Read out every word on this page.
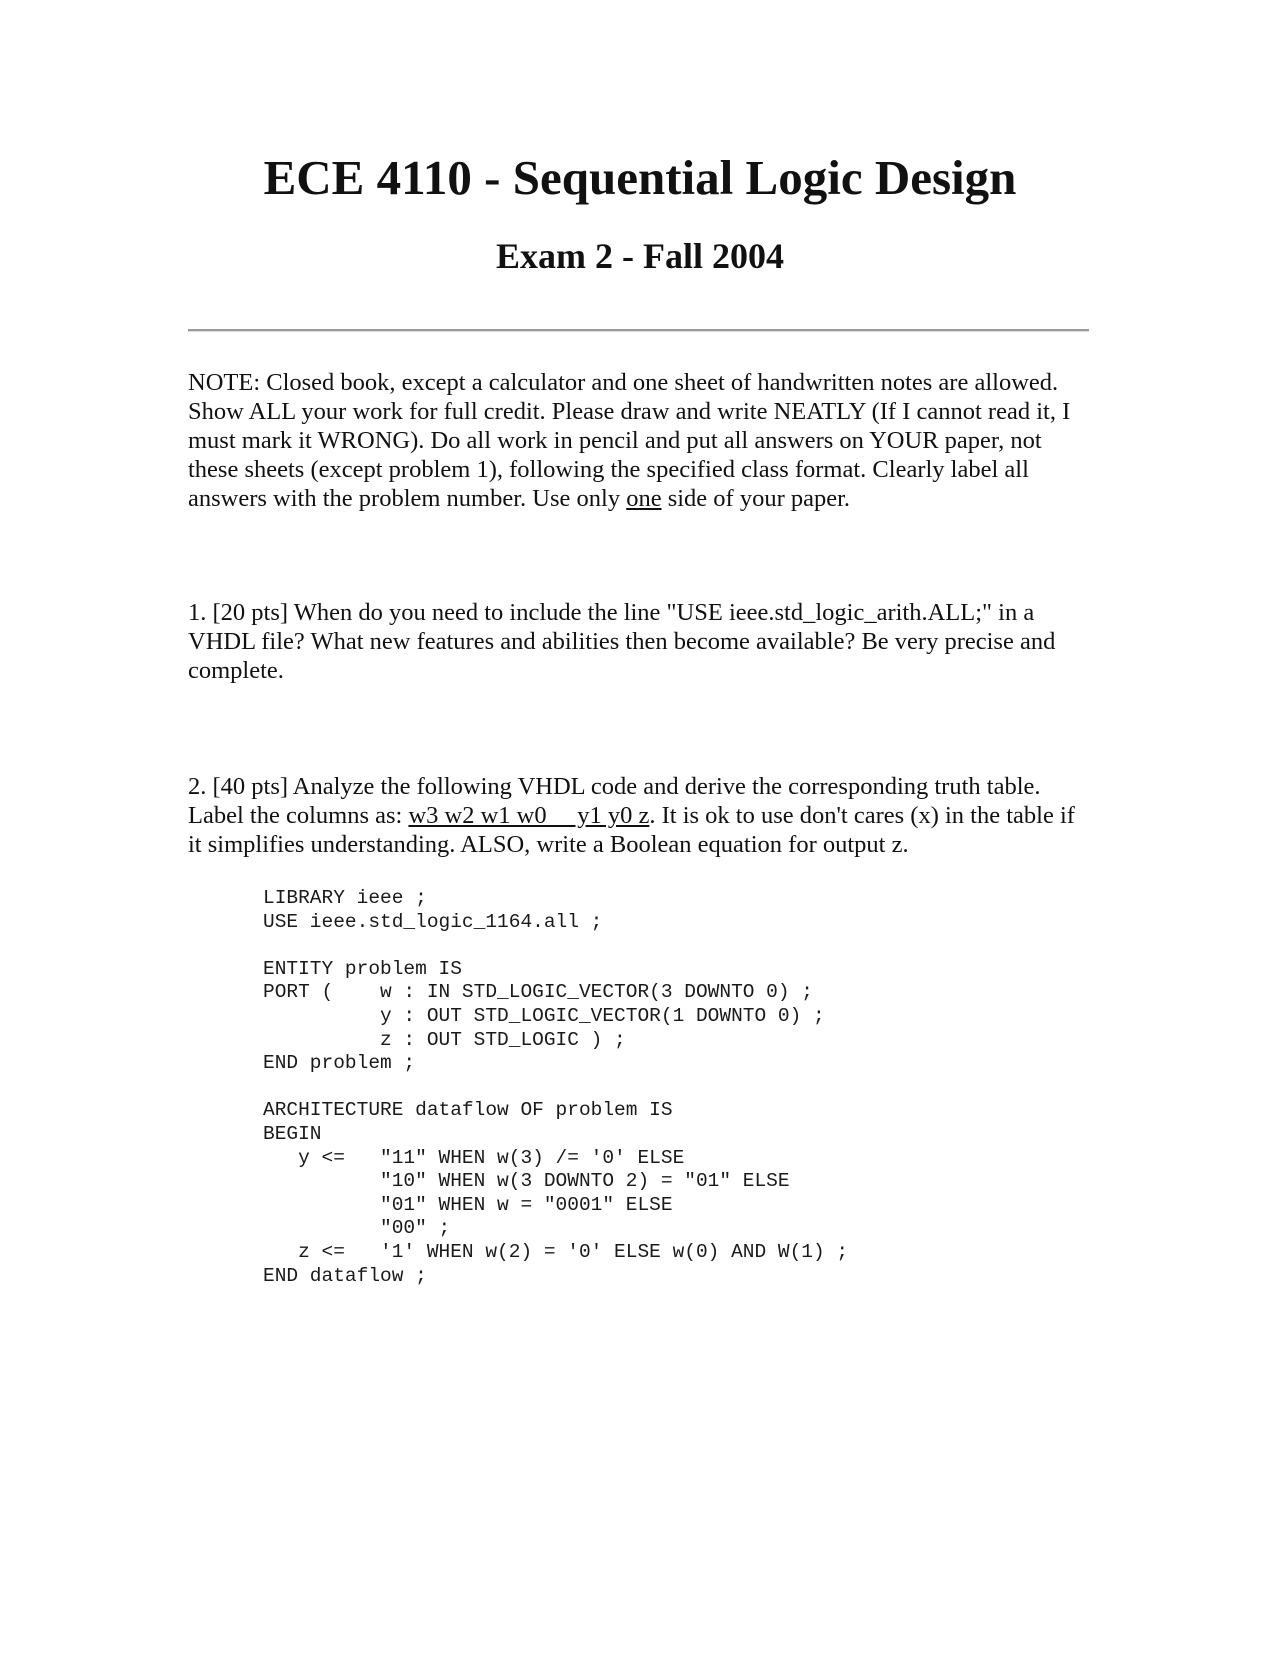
ECE 4110 - Sequential Logic Design
Exam 2 - Fall 2004

NOTE: Closed book, except a calculator and one sheet of handwritten notes are allowed. Show ALL your work for full credit. Please draw and write NEATLY (If I cannot read it, I must mark it WRONG). Do all work in pencil and put all answers on YOUR paper, not these sheets (except problem 1), following the specified class format. Clearly label all answers with the problem number. Use only one side of your paper.

1. [20 pts] When do you need to include the line "USE ieee.std_logic_arith.ALL;" in a VHDL file? What new features and abilities then become available? Be very precise and complete.

2. [40 pts] Analyze the following VHDL code and derive the corresponding truth table. Label the columns as: w3 w2 w1 w0     y1 y0 z. It is ok to use don't cares (x) in the table if it simplifies understanding. ALSO, write a Boolean equation for output z.

LIBRARY ieee ;
USE ieee.std_logic_1164.all ;
ENTITY problem IS
PORT (    w : IN STD_LOGIC_VECTOR(3 DOWNTO 0) ;
y : OUT STD_LOGIC_VECTOR(1 DOWNTO 0) ;
z : OUT STD_LOGIC ) ;
END problem ;
ARCHITECTURE dataflow OF problem IS
BEGIN
y <=   "11" WHEN w(3) /= '0' ELSE
"10" WHEN w(3 DOWNTO 2) = "01" ELSE
"01" WHEN w = "0001" ELSE
"00" ;
z <=   '1' WHEN w(2) = '0' ELSE w(0) AND W(1) ;
END dataflow ;
